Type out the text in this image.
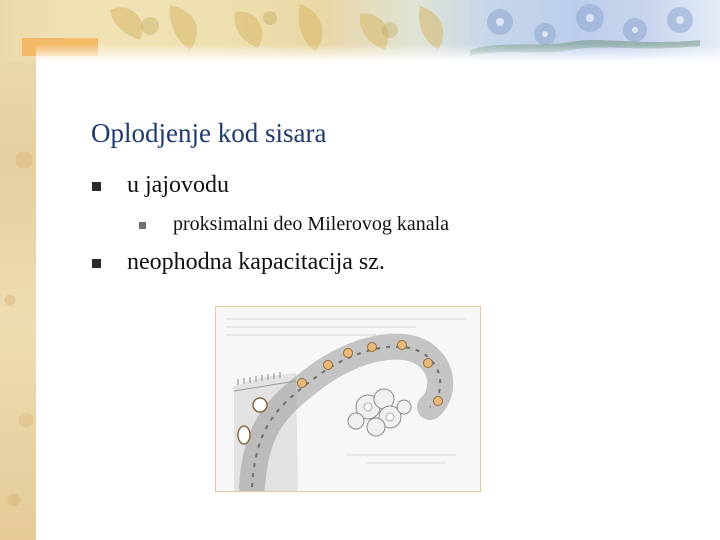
Oplodjenje kod sisara
u jajovodu
proksimalni deo Milerovog kanala
neophodna kapacitacija sz.
